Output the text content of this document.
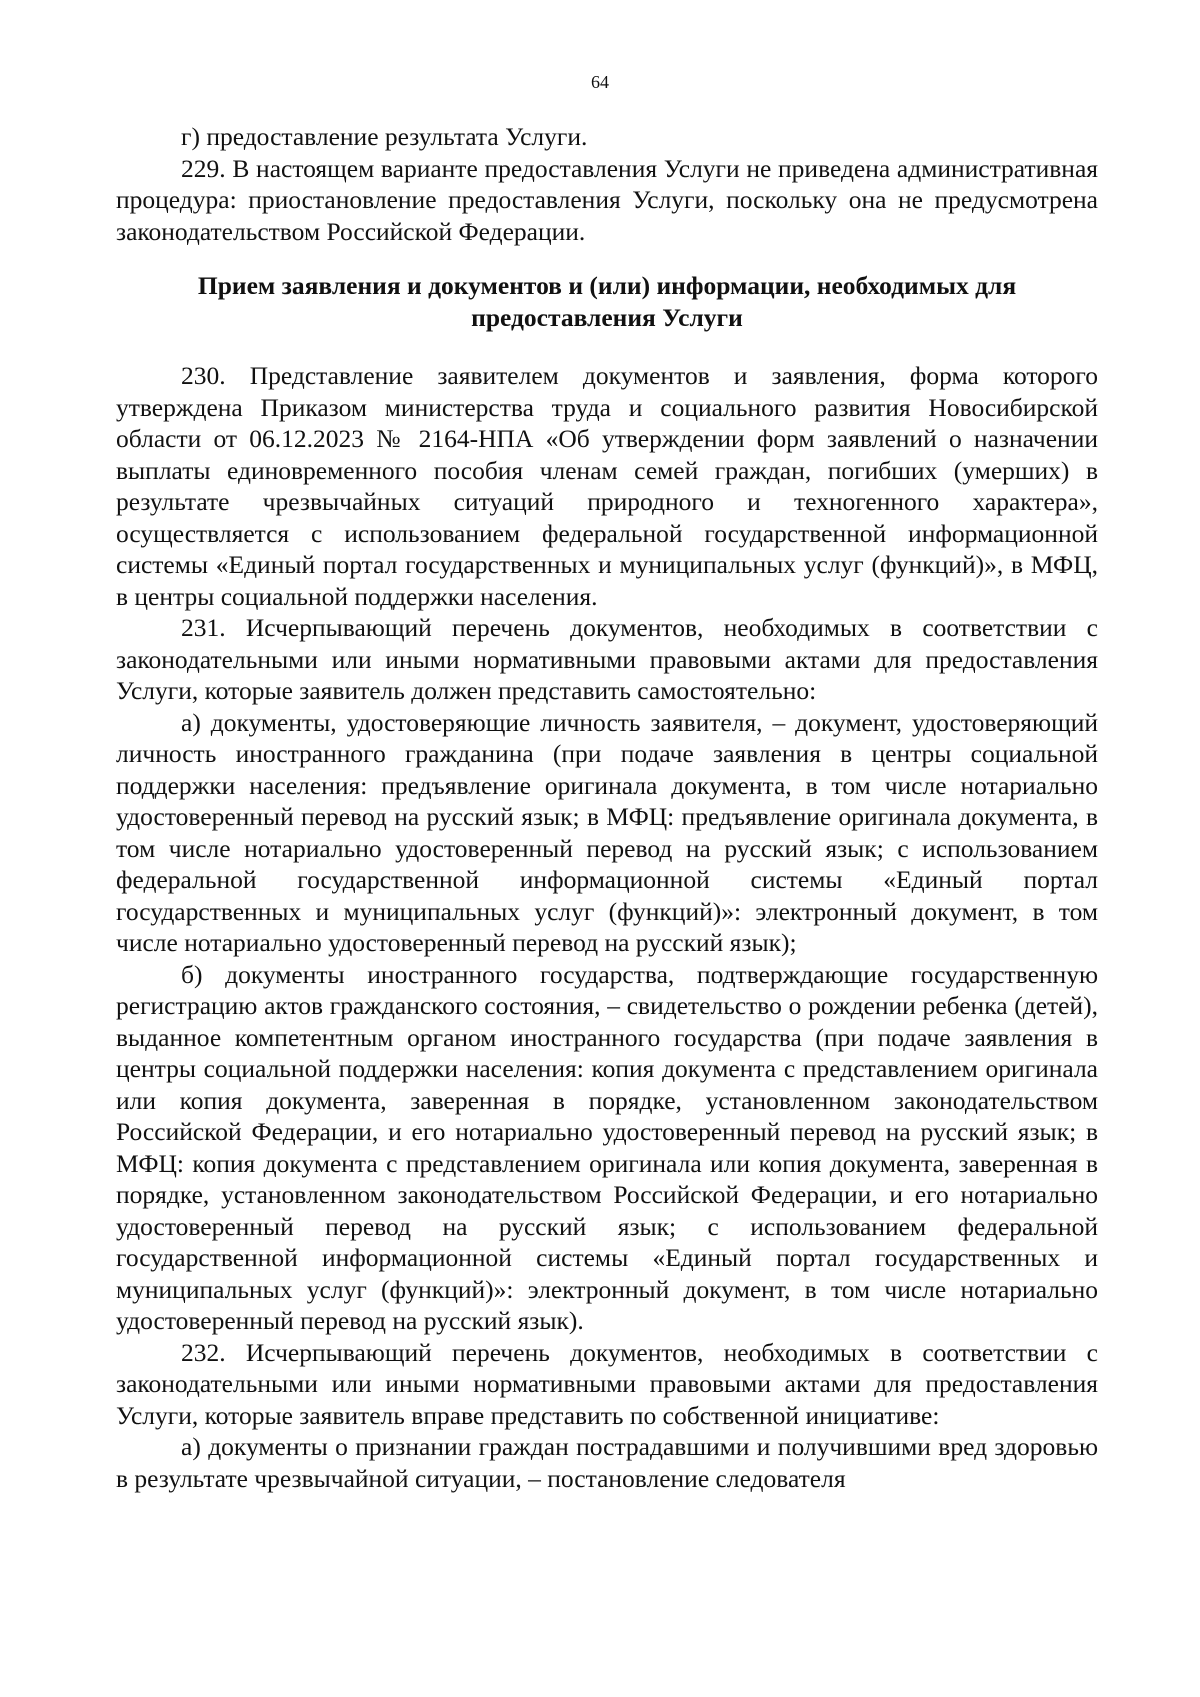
64

г) предоставление результата Услуги.

229. В настоящем варианте предоставления Услуги не приведена административная процедура: приостановление предоставления Услуги, поскольку она не предусмотрена законодательством Российской Федерации.

Прием заявления и документов и (или) информации, необходимых для предоставления Услуги

230. Представление заявителем документов и заявления, форма которого утверждена Приказом министерства труда и социального развития Новосибирской области от 06.12.2023 № 2164-НПА «Об утверждении форм заявлений о назначении выплаты единовременного пособия членам семей граждан, погибших (умерших) в результате чрезвычайных ситуаций природного и техногенного характера», осуществляется с использованием федеральной государственной информационной системы «Единый портал государственных и муниципальных услуг (функций)», в МФЦ, в центры социальной поддержки населения.

231. Исчерпывающий перечень документов, необходимых в соответствии с законодательными или иными нормативными правовыми актами для предоставления Услуги, которые заявитель должен представить самостоятельно:

а) документы, удостоверяющие личность заявителя, – документ, удостоверяющий личность иностранного гражданина (при подаче заявления в центры социальной поддержки населения: предъявление оригинала документа, в том числе нотариально удостоверенный перевод на русский язык; в МФЦ: предъявление оригинала документа, в том числе нотариально удостоверенный перевод на русский язык; с использованием федеральной государственной информационной системы «Единый портал государственных и муниципальных услуг (функций)»: электронный документ, в том числе нотариально удостоверенный перевод на русский язык);

б) документы иностранного государства, подтверждающие государственную регистрацию актов гражданского состояния, – свидетельство о рождении ребенка (детей), выданное компетентным органом иностранного государства (при подаче заявления в центры социальной поддержки населения: копия документа с представлением оригинала или копия документа, заверенная в порядке, установленном законодательством Российской Федерации, и его нотариально удостоверенный перевод на русский язык; в МФЦ: копия документа с представлением оригинала или копия документа, заверенная в порядке, установленном законодательством Российской Федерации, и его нотариально удостоверенный перевод на русский язык; с использованием федеральной государственной информационной системы «Единый портал государственных и муниципальных услуг (функций)»: электронный документ, в том числе нотариально удостоверенный перевод на русский язык).

232. Исчерпывающий перечень документов, необходимых в соответствии с законодательными или иными нормативными правовыми актами для предоставления Услуги, которые заявитель вправе представить по собственной инициативе:

а) документы о признании граждан пострадавшими и получившими вред здоровью в результате чрезвычайной ситуации, – постановление следователя
